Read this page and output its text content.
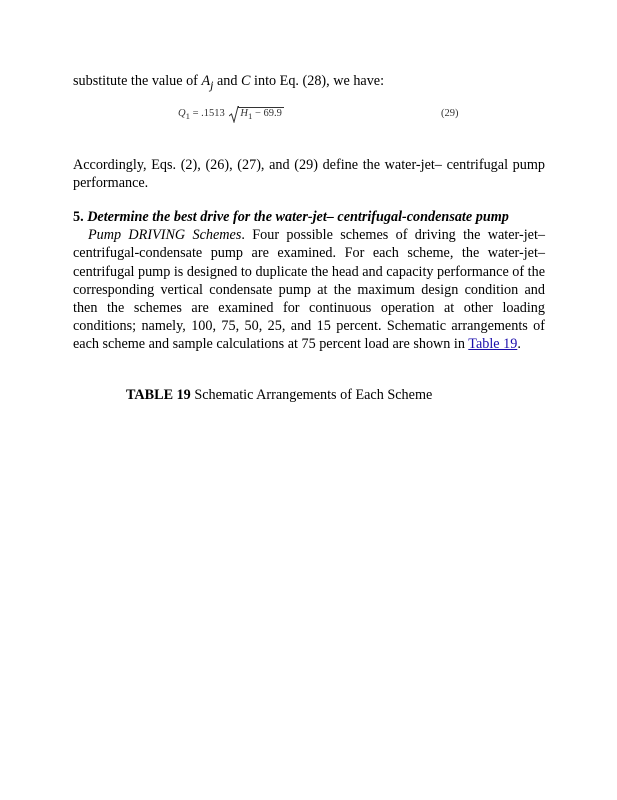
substitute the value of $A_j$ and C into Eq. (28), we have:
$Q_1 = .1513$ $H_1 - 69.9$	(29)
Accordingly, Eqs. (2), (26), (27), and (29) define the water-jet– centrifugal pump performance.
5. Determine the best drive for the water-jet– centrifugal-condensate pump
Pump DRIVING Schemes. Four possible schemes of driving the water-jet–centrifugal-condensate pump are examined. For each scheme, the water-jet–centrifugal pump is designed to duplicate the head and capacity performance of the corresponding vertical condensate pump at the maximum design condition and then the schemes are examined for continuous operation at other loading conditions; namely, 100, 75, 50, 25, and 15 percent. Schematic arrangements of each scheme and sample calculations at 75 percent load are shown in Table 19.
TABLE 19 Schematic Arrangements of Each Scheme
